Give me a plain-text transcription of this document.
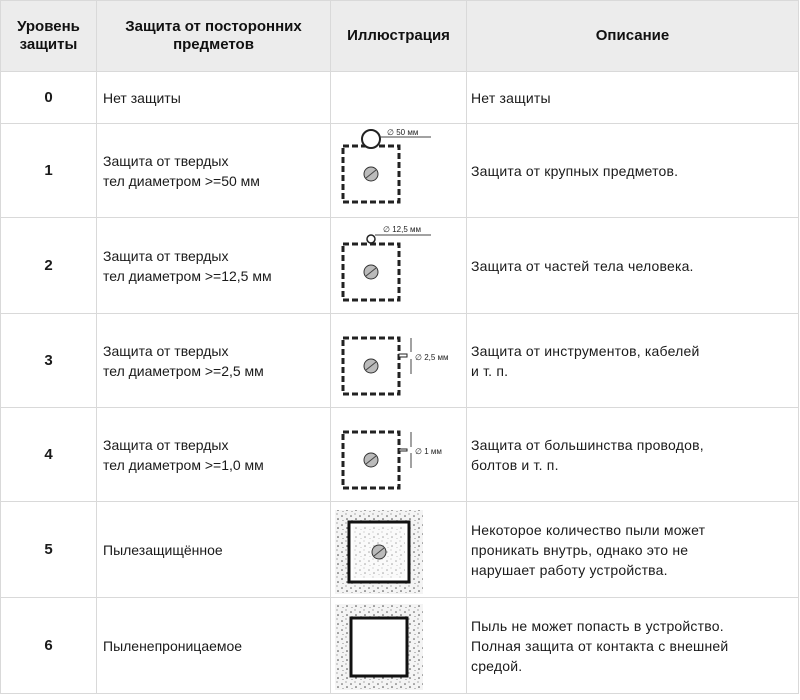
Уровень
защиты	Защита от посторонних
предметов	Иллюстрация	Описание
0	Нет защиты		Нет защиты

1	Защита от твердых
тел диаметром >=50 мм	∅ 50 мм	Защита от крупных предметов.

2	Защита от твердых
тел диаметром >=12,5 мм	∅ 12,5 мм	Защита от частей тела человека.

3	Защита от твердых
тел диаметром >=2,5 мм	∅ 2,5 мм	Защита от инструментов, кабелей
и т. п.

4	Защита от твердых
тел диаметром >=1,0 мм	∅ 1 мм	Защита от большинства проводов,
болтов и т. п.

5	Пылезащищённое		Некоторое количество пыли может
проникать внутрь, однако это не
нарушает работу устройства.

6	Пыленепроницаемое		Пыль не может попасть в устройство.
Полная защита от контакта с внешней
средой.
